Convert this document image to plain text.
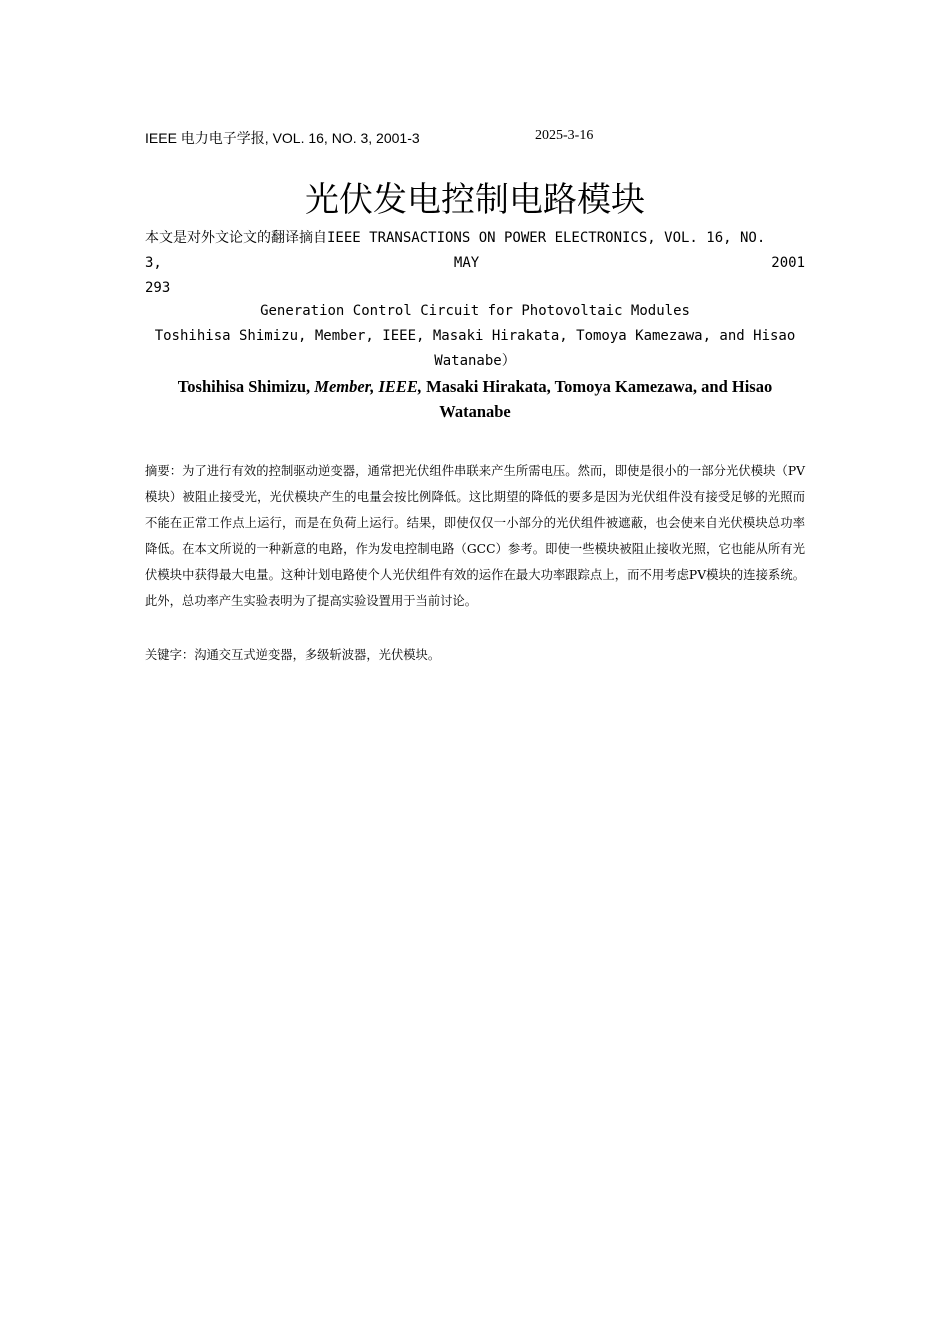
IEEE 电力电子学报, VOL. 16, NO. 3, 2001-3	2025-3-16
光伏发电控制电路模块
本文是对外文论文的翻译摘自IEEE TRANSACTIONS ON POWER ELECTRONICS, VOL. 16, NO.
3,	MAY	2001
293
Generation Control Circuit for Photovoltaic Modules
Toshihisa Shimizu, Member, IEEE, Masaki Hirakata, Tomoya Kamezawa, and Hisao
Watanabe）
Toshihisa Shimizu, Member, IEEE, Masaki Hirakata, Tomoya Kamezawa, and Hisao
Watanabe
摘要：为了进行有效的控制驱动逆变器，通常把光伏组件串联来产生所需电压。然而，即使是很小的一部分光伏模块（PV模块）被阻止接受光，光伏模块产生的电量会按比例降低。这比期望的降低的要多是因为光伏组件没有接受足够的光照而不能在正常工作点上运行，而是在负荷上运行。结果，即使仅仅一小部分的光伏组件被遮蔽，也会使来自光伏模块总功率降低。在本文所说的一种新意的电路，作为发电控制电路（GCC）参考。即使一些模块被阻止接收光照，它也能从所有光伏模块中获得最大电量。这种计划电路使个人光伏组件有效的运作在最大功率跟踪点上，而不用考虑PV模块的连接系统。此外，总功率产生实验表明为了提高实验设置用于当前讨论。
关键字：沟通交互式逆变器，多级斩波器，光伏模块。
